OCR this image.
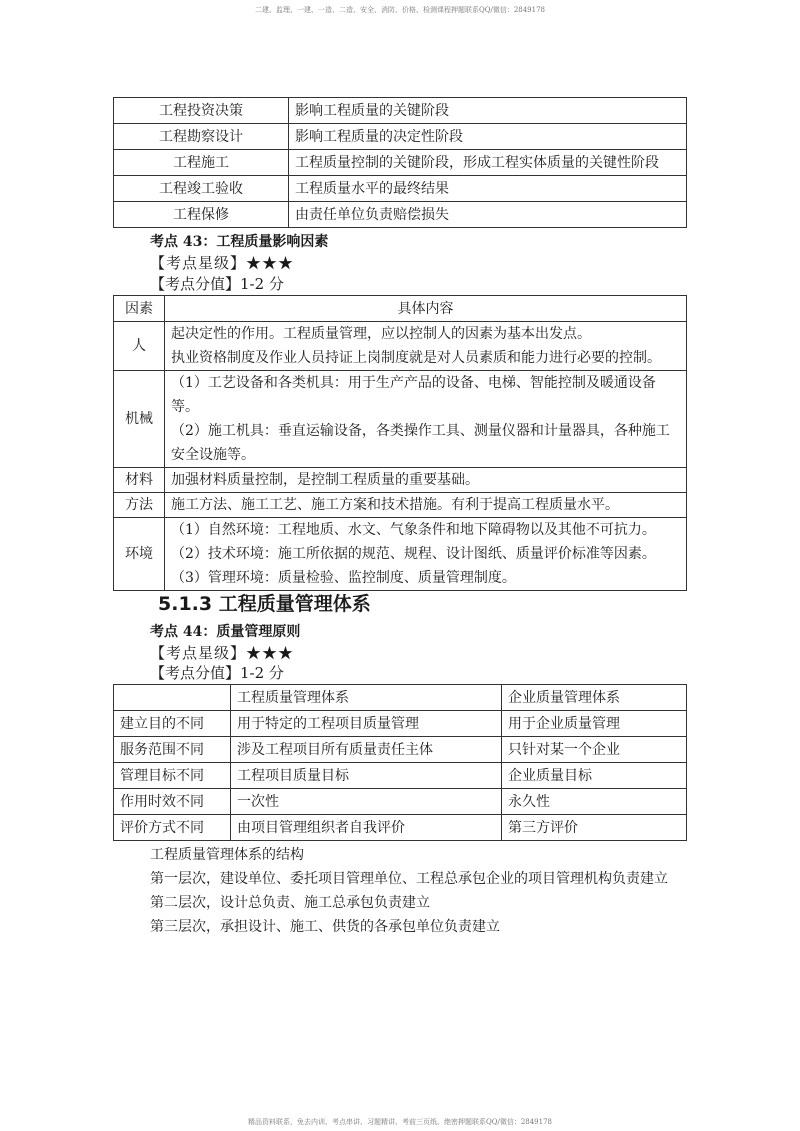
二建、监理、一建、一造、二造、安全、消防、价格、检测课程押题联系QQ/微信：2849178
工程投资决策	影响工程质量的关键阶段
工程勘察设计	影响工程质量的决定性阶段
工程施工	工程质量控制的关键阶段，形成工程实体质量的关键性阶段
工程竣工验收	工程质量水平的最终结果
工程保修	由责任单位负责赔偿损失
考点 43：工程质量影响因素
【考点星级】★★★
【考点分值】1-2 分
因素	具体内容
人	起决定性的作用。工程质量管理，应以控制人的因素为基本出发点。

执业资格制度及作业人员持证上岗制度就是对人员素质和能力进行必要的控制。

机械	（1）工艺设备和各类机具：用于生产产品的设备、电梯、智能控制及暖通设备等。

（2）施工机具：垂直运输设备，各类操作工具、测量仪器和计量器具，各种施工

安全设施等。

材料	加强材料质量控制，是控制工程质量的重要基础。

方法	施工方法、施工工艺、施工方案和技术措施。有利于提高工程质量水平。

环境	（1）自然环境：工程地质、水文、气象条件和地下障碍物以及其他不可抗力。

（2）技术环境：施工所依据的规范、规程、设计图纸、质量评价标准等因素。

（3）管理环境：质量检验、监控制度、质量管理制度。

5.1.3 工程质量管理体系
考点 44：质量管理原则
【考点星级】★★★
【考点分值】1-2 分
	工程质量管理体系	企业质量管理体系
建立目的不同	用于特定的工程项目质量管理	用于企业质量管理
服务范围不同	涉及工程项目所有质量责任主体	只针对某一个企业
管理目标不同	工程项目质量目标	企业质量目标
作用时效不同	一次性	永久性
评价方式不同	由项目管理组织者自我评价	第三方评价
工程质量管理体系的结构
第一层次，建设单位、委托项目管理单位、工程总承包企业的项目管理机构负责建立
第二层次，设计总负责、施工总承包负责建立
第三层次，承担设计、施工、供货的各承包单位负责建立
精品资料联系，免去内训、考点串讲、习题精讲、考前三页纸、绝密押题联系QQ/微信：2849178
